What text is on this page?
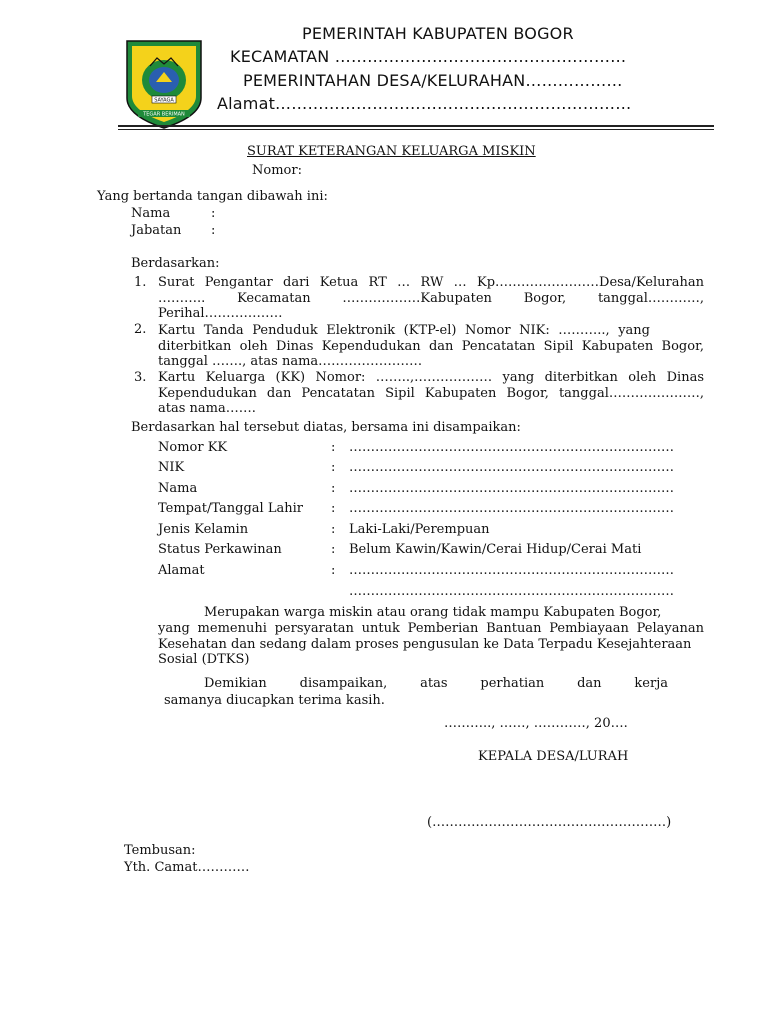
SAYAGA
TEGAR BERIMAN
PEMERINTAH KABUPATEN BOGOR
KECAMATAN ………………………………………………
PEMERINTAHAN DESA/KELURAHAN………………
Alamat…………………………………………………………
SURAT KETERANGAN KELUARGA MISKIN
Nomor:
Yang bertanda tangan dibawah ini:
Nama	:
Jabatan :
Berdasarkan:
1. Surat Pengantar dari Ketua RT … RW … Kp……………………Desa/Kelurahan
……….. Kecamatan ………………Kabupaten Bogor, tanggal…………,
Perihal………………
2. Kartu Tanda Penduduk Elektronik (KTP-el) Nomor NIK: ……….., yang
diterbitkan oleh Dinas Kependudukan dan Pencatatan Sipil Kabupaten Bogor,
tanggal ……., atas nama……………………
3. Kartu Keluarga (KK) Nomor: ……..,……………… yang diterbitkan oleh Dinas
Kependudukan dan Pencatatan Sipil Kabupaten Bogor, tanggal…………………,
atas nama…….
Berdasarkan hal tersebut diatas, bersama ini disampaikan:
Nomor KK	: …………………………………………………………………
NIK	: …………………………………………………………………
Nama	: …………………………………………………………………
Tempat/Tanggal Lahir : …………………………………………………………………
Jenis Kelamin	: Laki-Laki/Perempuan
Status Perkawinan	: Belum Kawin/Kawin/Cerai Hidup/Cerai Mati
Alamat	: …………………………………………………………………
…………………………………………………………………
Merupakan warga miskin atau orang tidak mampu Kabupaten Bogor,
yang memenuhi persyaratan untuk Pemberian Bantuan Pembiayaan Pelayanan
Kesehatan dan sedang dalam proses pengusulan ke Data Terpadu Kesejahteraan Sosial (DTKS)
Demikian disampaikan, atas perhatian dan kerja
samanya diucapkan terima kasih.
……….., ……, …………, 20….
KEPALA DESA/LURAH
(………………………………………………)
Tembusan:
Yth. Camat…………
